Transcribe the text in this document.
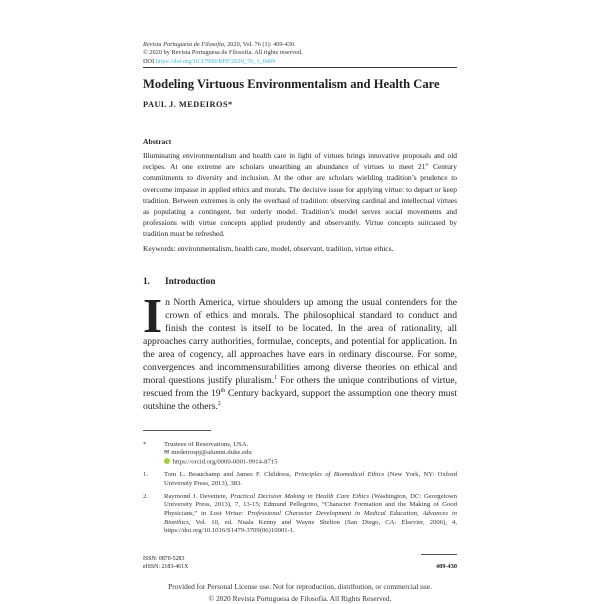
Revista Portuguesa de Filosofia, 2020, Vol. 76 (1): 409-430.
© 2020 by Revista Portuguesa de Filosofia. All rights reserved.
DOI https://doi.org/10.17990/RPF/2020_76_1_0409
Modeling Virtuous Environmentalism and Health Care
PAUL J. MEDEIROS*
Abstract
Illuminating environmentalism and health care in light of virtues brings innovative proposals and old recipes. At one extreme are scholars unearthing an abundance of virtues to meet 21st Century commitments to diversity and inclusion. At the other are scholars wielding tradition’s prudence to overcome impasse in applied ethics and morals. The decisive issue for applying virtue: to depart or keep tradition. Between extremes is only the overhaul of tradition: observing cardinal and intellectual virtues as populating a contingent, but orderly model. Tradition’s model serves social movements and professions with virtue concepts applied prudently and observantly. Virtue concepts suitcased by tradition must be refreshed.
Keywords: environmentalism, health care, model, observant, tradition, virtue ethics.
1. Introduction
In North America, virtue shoulders up among the usual contenders for the crown of ethics and morals. The philosophical standard to conduct and finish the contest is itself to be located. In the area of rationality, all approaches carry authorities, formulae, concepts, and potential for application. In the area of cogency, all approaches have ears in ordinary discourse. For some, convergences and incommensurabilities among diverse theories on ethical and moral questions justify pluralism.$^1$ For others the unique contributions of virtue, rescued from the 19th Century backyard, support the assumption one theory must outshine the others.$^2$
*	Trustees of Reservations, USA.
✉ medeirospj@alumni.duke.edu
https://orcid.org/0000-0001-9914-8715
1.	Tom L. Beauchamp and James F. Childress, Principles of Biomedical Ethics (New York, NY: Oxford University Press, 2013), 383.
2.	Raymond J. Devettere, Practical Decision Making in Health Care Ethics (Washington, DC: Georgetown University Press, 2013), 7, 13-15; Edmund Pellegrino, “Character Formation and the Making of Good Physicians,” in Lost Virtue: Professional Character Development in Medical Education, Advances in Bioethics, Vol. 10, ed. Nuala Kenny and Wayne Shelton (San Diego, CA: Elsevier, 2006), 4, https://doi.org/10.1016/S1479-3709(06)10001-1.
ISSN: 0870-5283
eISSN: 2183-461X	409-430
Provided for Personal License use. Not for reproduction, distribution, or commercial use.
© 2020 Revista Portuguesa de Filosofia. All Rights Reserved.
